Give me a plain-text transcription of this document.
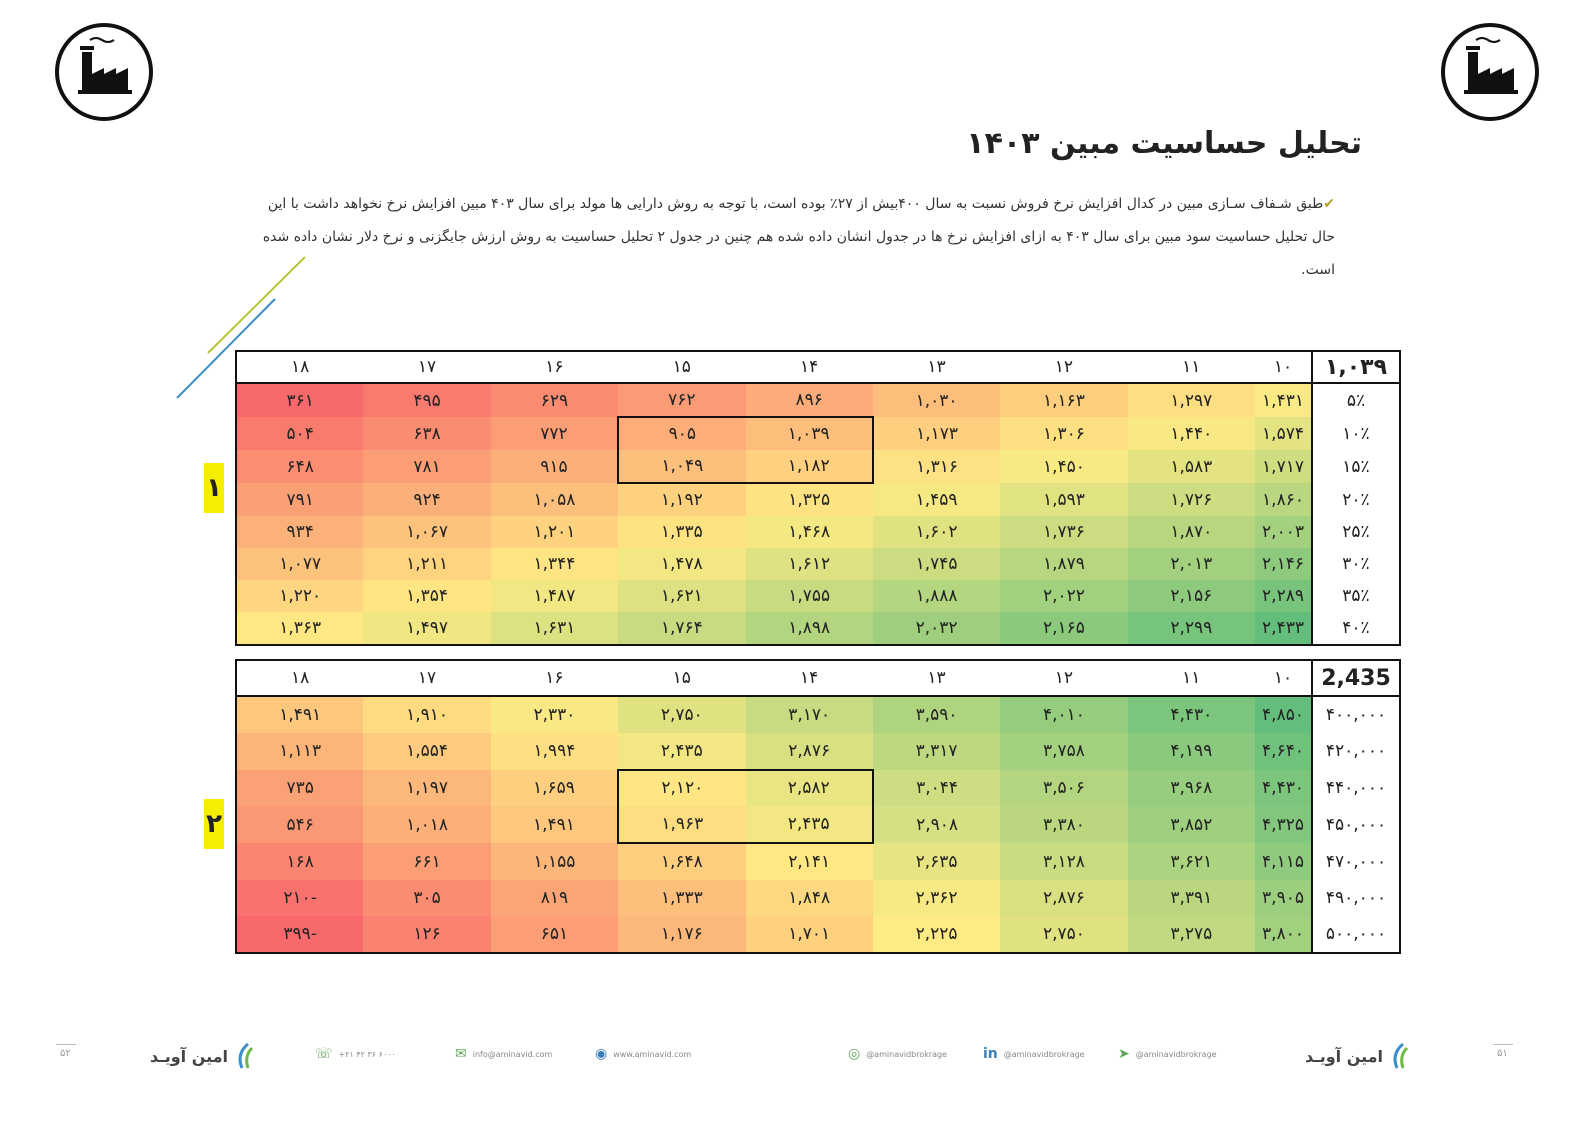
تحلیل حساسیت مبین ۱۴۰۳
✔طبق شـفاف سـازی مبین در کدال افزایش نرخ فروش نسبت به سال ۴۰۰بیش از ۲۷٪ بوده است، با توجه به روش دارایی ها مولد برای سال ۴۰۳ مبین افزایش نرخ نخواهد داشت با این حال تحلیل حساسیت سود مبین برای سال ۴۰۳ به ازای افزایش نرخ ها در جدول انشان داده شده هم چنین در جدول ۲ تحلیل حساسیت به روش ارزش جایگزنی و نرخ دلار نشان داده شده است.
۱
۲
۱,۰۳۹	۱۰	۱۱	۱۲	۱۳	۱۴	۱۵	۱۶	۱۷	۱۸
۵٪	۱,۴۳۱	۱,۲۹۷	۱,۱۶۳	۱,۰۳۰	۸۹۶	۷۶۲	۶۲۹	۴۹۵	۳۶۱
۱۰٪	۱,۵۷۴	۱,۴۴۰	۱,۳۰۶	۱,۱۷۳	۱,۰۳۹	۹۰۵	۷۷۲	۶۳۸	۵۰۴
۱۵٪	۱,۷۱۷	۱,۵۸۳	۱,۴۵۰	۱,۳۱۶	۱,۱۸۲	۱,۰۴۹	۹۱۵	۷۸۱	۶۴۸
۲۰٪	۱,۸۶۰	۱,۷۲۶	۱,۵۹۳	۱,۴۵۹	۱,۳۲۵	۱,۱۹۲	۱,۰۵۸	۹۲۴	۷۹۱
۲۵٪	۲,۰۰۳	۱,۸۷۰	۱,۷۳۶	۱,۶۰۲	۱,۴۶۸	۱,۳۳۵	۱,۲۰۱	۱,۰۶۷	۹۳۴
۳۰٪	۲,۱۴۶	۲,۰۱۳	۱,۸۷۹	۱,۷۴۵	۱,۶۱۲	۱,۴۷۸	۱,۳۴۴	۱,۲۱۱	۱,۰۷۷
۳۵٪	۲,۲۸۹	۲,۱۵۶	۲,۰۲۲	۱,۸۸۸	۱,۷۵۵	۱,۶۲۱	۱,۴۸۷	۱,۳۵۴	۱,۲۲۰
۴۰٪	۲,۴۳۳	۲,۲۹۹	۲,۱۶۵	۲,۰۳۲	۱,۸۹۸	۱,۷۶۴	۱,۶۳۱	۱,۴۹۷	۱,۳۶۳
2,435	۱۰	۱۱	۱۲	۱۳	۱۴	۱۵	۱۶	۱۷	۱۸
۴۰۰,۰۰۰	۴,۸۵۰	۴,۴۳۰	۴,۰۱۰	۳,۵۹۰	۳,۱۷۰	۲,۷۵۰	۲,۳۳۰	۱,۹۱۰	۱,۴۹۱
۴۲۰,۰۰۰	۴,۶۴۰	۴,۱۹۹	۳,۷۵۸	۳,۳۱۷	۲,۸۷۶	۲,۴۳۵	۱,۹۹۴	۱,۵۵۴	۱,۱۱۳
۴۴۰,۰۰۰	۴,۴۳۰	۳,۹۶۸	۳,۵۰۶	۳,۰۴۴	۲,۵۸۲	۲,۱۲۰	۱,۶۵۹	۱,۱۹۷	۷۳۵
۴۵۰,۰۰۰	۴,۳۲۵	۳,۸۵۲	۳,۳۸۰	۲,۹۰۸	۲,۴۳۵	۱,۹۶۳	۱,۴۹۱	۱,۰۱۸	۵۴۶
۴۷۰,۰۰۰	۴,۱۱۵	۳,۶۲۱	۳,۱۲۸	۲,۶۳۵	۲,۱۴۱	۱,۶۴۸	۱,۱۵۵	۶۶۱	۱۶۸
۴۹۰,۰۰۰	۳,۹۰۵	۳,۳۹۱	۲,۸۷۶	۲,۳۶۲	۱,۸۴۸	۱,۳۳۳	۸۱۹	۳۰۵	-۲۱۰
۵۰۰,۰۰۰	۳,۸۰۰	۳,۲۷۵	۲,۷۵۰	۲,۲۲۵	۱,۷۰۱	۱,۱۷۶	۶۵۱	۱۲۶	-۳۹۹
۵۲	امین آویـد	☏ +۲۱ ۴۲ ۳۶ ۶۰۰۰	✉ info@aminavid.com	◉ www.aminavid.com	◎ @aminavidbrokrage	in @aminavidbrokrage ➤ @aminavidbrokrage	امین آویـد	۵۱
